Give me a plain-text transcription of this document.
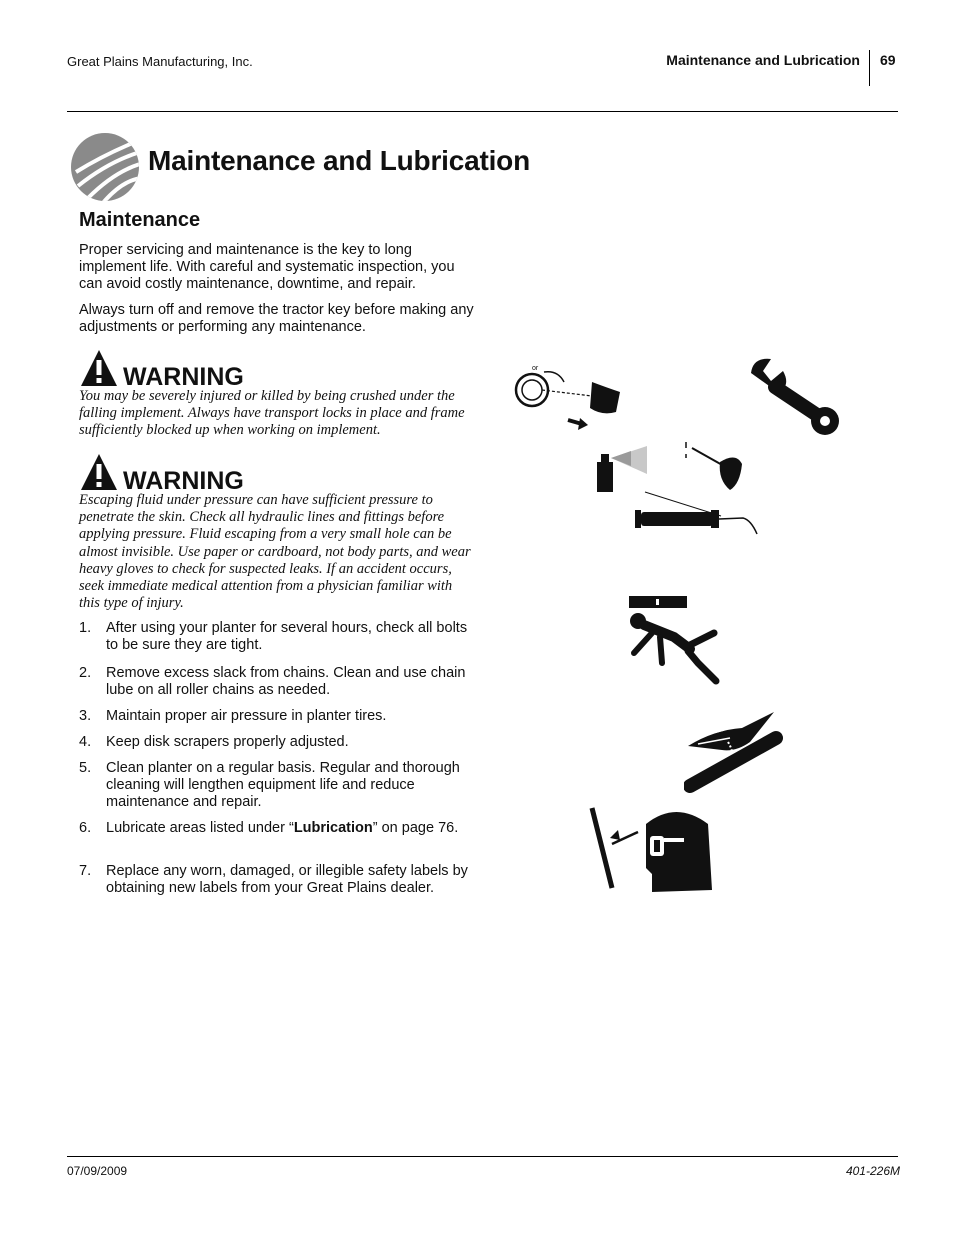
Great Plains Manufacturing, Inc.	Maintenance and Lubrication 69
Maintenance and Lubrication
Maintenance
Proper servicing and maintenance is the key to long implement life. With careful and systematic inspection, you can avoid costly maintenance, downtime, and repair.
Always turn off and remove the tractor key before making any adjustments or performing any maintenance.
WARNING
You may be severely injured or killed by being crushed under the falling implement. Always have transport locks in place and frame sufficiently blocked up when working on implement.
WARNING
Escaping fluid under pressure can have sufficient pressure to penetrate the skin. Check all hydraulic lines and fittings before applying pressure. Fluid escaping from a very small hole can be almost invisible. Use paper or cardboard, not body parts, and wear heavy gloves to check for suspected leaks. If an accident occurs, seek immediate medical attention from a physician familiar with this type of injury.
1.	After using your planter for several hours, check all bolts to be sure they are tight.
2.	Remove excess slack from chains. Clean and use chain lube on all roller chains as needed.
3.	Maintain proper air pressure in planter tires.
4.	Keep disk scrapers properly adjusted.
5.	Clean planter on a regular basis. Regular and thorough cleaning will lengthen equipment life and reduce maintenance and repair.
6.	Lubricate areas listed under “Lubrication” on page 76.
7.	Replace any worn, damaged, or illegible safety labels by obtaining new labels from your Great Plains dealer.
or
07/09/2009	401-226M
